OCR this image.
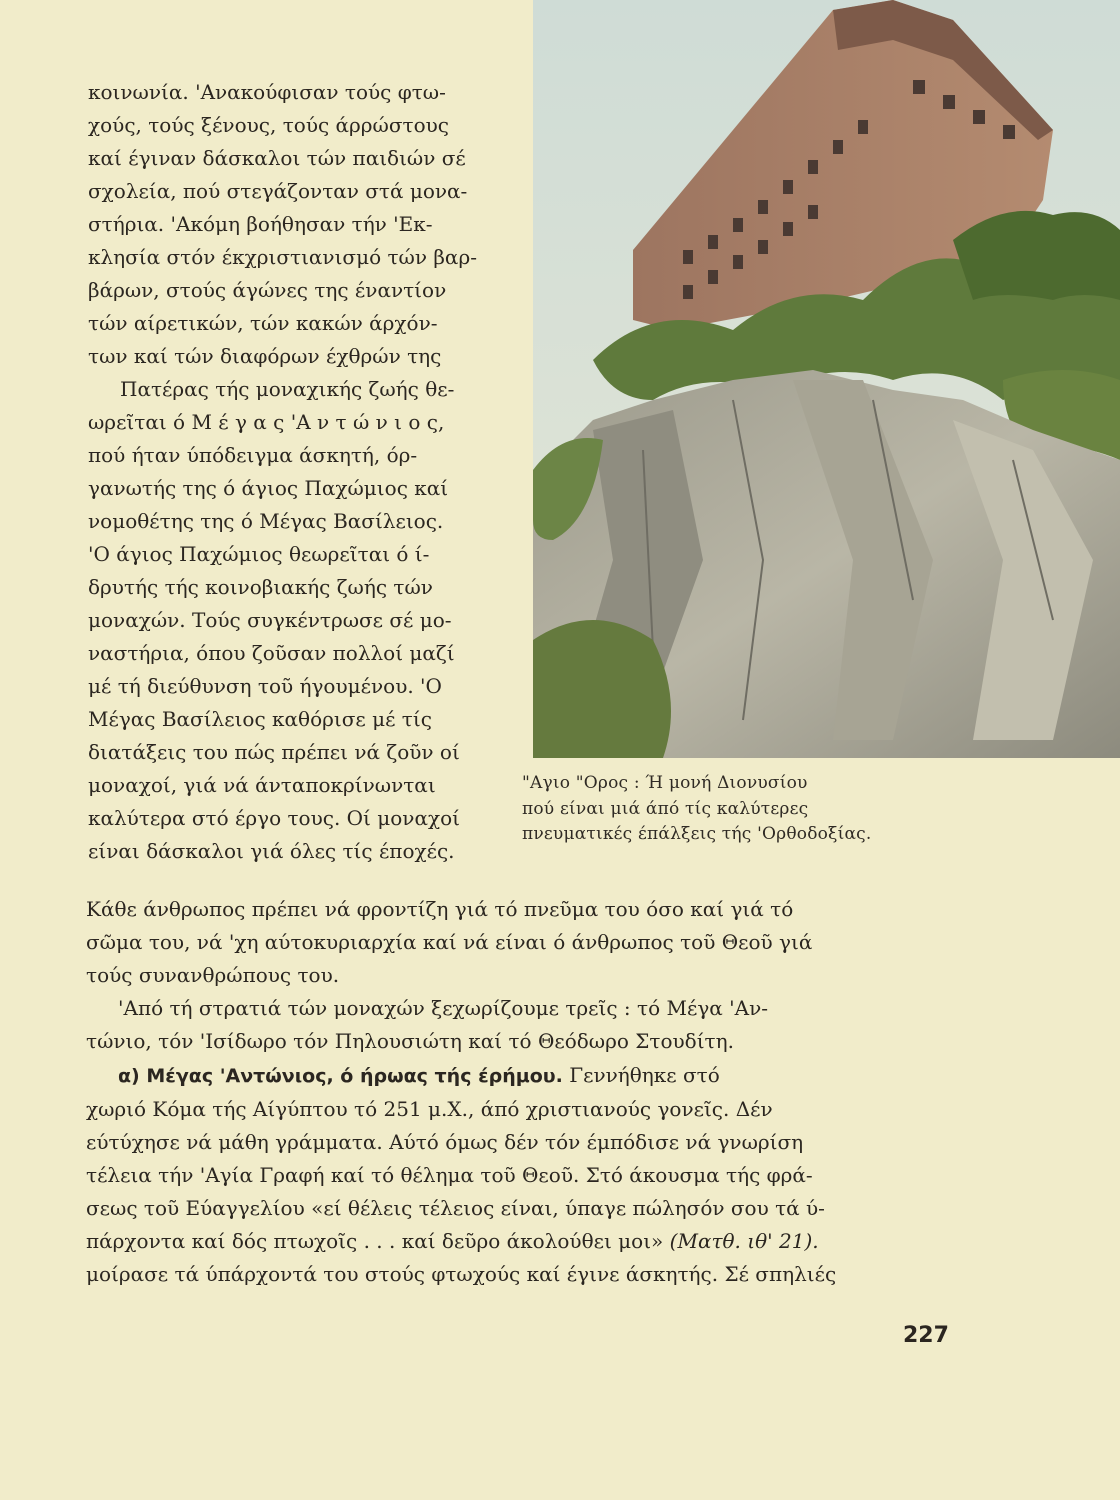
"Αγιο "Ορος : Ή μονή Διονυσίου
πού είναι μιά άπό τίς καλύτερες
πνευματικές έπάλξεις τής 'Ορθοδοξίας.
κοινωνία. 'Ανακούφισαν τούς φτω-
χούς, τούς ξένους, τούς άρρώστους
καί έγιναν δάσκαλοι τών παιδιών σέ
σχολεία, πού στεγάζονταν στά μονα-
στήρια. 'Ακόμη βοήθησαν τήν 'Εκ-
κλησία στόν έκχριστιανισμό τών βαρ-
βάρων, στούς άγώνες της έναντίον
τών αίρετικών, τών κακών άρχόν-
των καί τών διαφόρων έχθρών της
Πατέρας τής μοναχικής ζωής θε-
ωρεῖται ό Μ έ γ α ς 'Α ν τ ώ ν ι ο ς,
πού ήταν ύπόδειγμα άσκητή, όρ-
γανωτής της ό άγιος Παχώμιος καί
νομοθέτης της ό Μέγας Βασίλειος.
'Ο άγιος Παχώμιος θεωρεῖται ό ί-
δρυτής τής κοινοβιακής ζωής τών
μοναχών. Τούς συγκέντρωσε σέ μο-
ναστήρια, όπου ζοῦσαν πολλοί μαζί
μέ τή διεύθυνση τοῦ ήγουμένου. 'Ο
Μέγας Βασίλειος καθόρισε μέ τίς
διατάξεις του πώς πρέπει νά ζοῦν οί
μοναχοί, γιά νά άνταποκρίνωνται
καλύτερα στό έργο τους. Οί μοναχοί
είναι δάσκαλοι γιά όλες τίς έποχές.
Κάθε άνθρωπος πρέπει νά φροντίζη γιά τό πνεῦμα του όσο καί γιά τό
σῶμα του, νά 'χη αύτοκυριαρχία καί νά είναι ό άνθρωπος τοῦ Θεοῦ γιά
τούς συνανθρώπους του.
'Από τή στρατιά τών μοναχών ξεχωρίζουμε τρεῖς : τό Μέγα 'Αν-
τώνιο, τόν 'Ισίδωρο τόν Πηλουσιώτη καί τό Θεόδωρο Στουδίτη.
α) Μέγας 'Αντώνιος, ό ήρωας τής έρήμου. Γεννήθηκε στό
χωριό Κόμα τής Αίγύπτου τό 251 μ.Χ., άπό χριστιανούς γονεῖς. Δέν
εύτύχησε νά μάθη γράμματα. Αύτό όμως δέν τόν έμπόδισε νά γνωρίση
τέλεια τήν 'Αγία Γραφή καί τό θέλημα τοῦ Θεοῦ. Στό άκουσμα τής φρά-
σεως τοῦ Εύαγγελίου «εί θέλεις τέλειος είναι, ύπαγε πώλησόν σου τά ύ-
πάρχοντα καί δός πτωχοῖς . . . καί δεῦρο άκολούθει μοι» (Ματθ. ιθ' 21).
μοίρασε τά ύπάρχοντά του στούς φτωχούς καί έγινε άσκητής. Σέ σπηλιές
227
